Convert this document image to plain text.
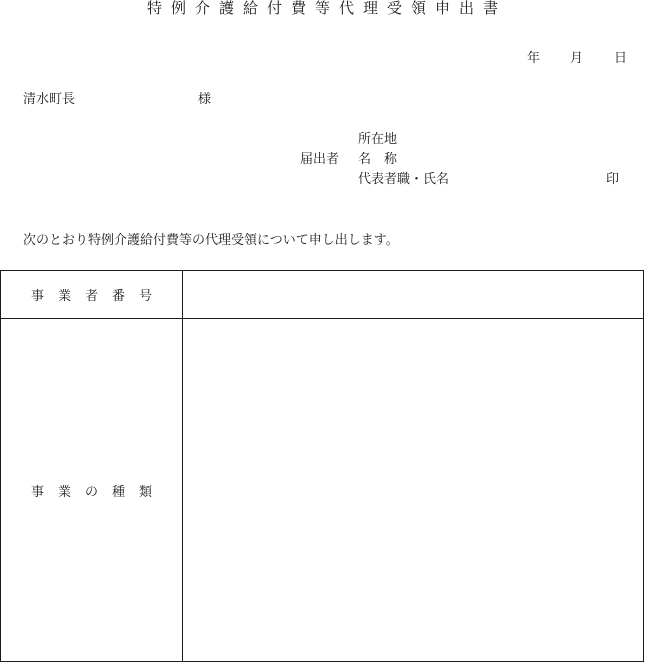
特例介護給付費等代理受領申出書
年 月 日
清水町長	様
所在地
届出者 名称
代表者職・氏名	印
次のとおり特例介護給付費等の代理受領について申し出します。
事業者番号	
事業の種類	
